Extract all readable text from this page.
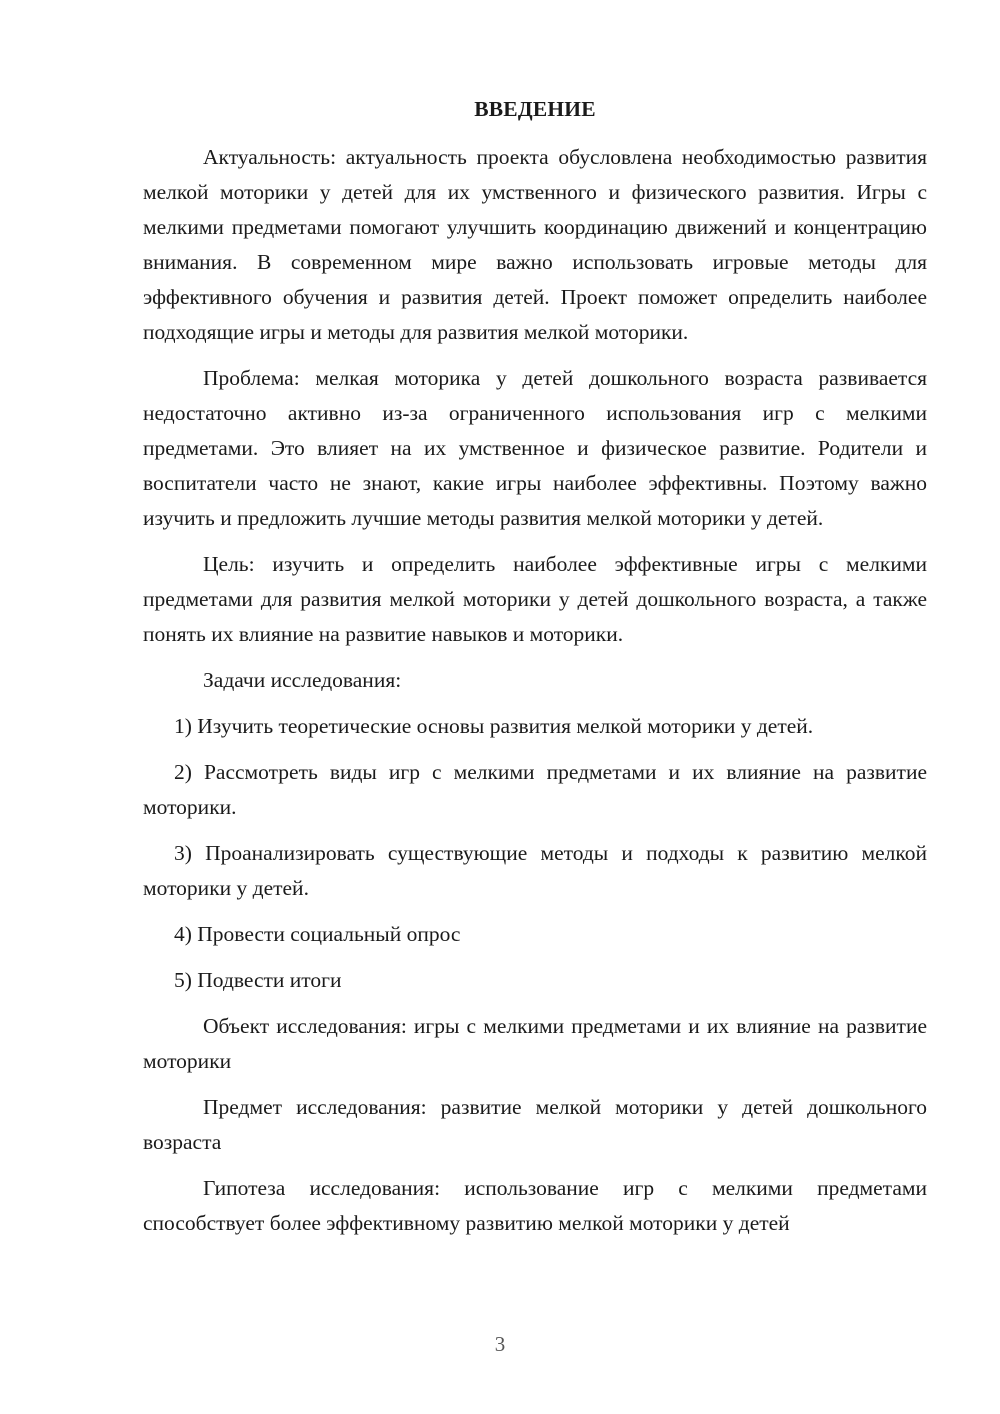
ВВЕДЕНИЕ

Актуальность: актуальность проекта обусловлена необходимостью развития мелкой моторики у детей для их умственного и физического развития. Игры с мелкими предметами помогают улучшить координацию движений и концентрацию внимания. В современном мире важно использовать игровые методы для эффективного обучения и развития детей. Проект поможет определить наиболее подходящие игры и методы для развития мелкой моторики.

Проблема: мелкая моторика у детей дошкольного возраста развивается недостаточно активно из-за ограниченного использования игр с мелкими предметами. Это влияет на их умственное и физическое развитие. Родители и воспитатели часто не знают, какие игры наиболее эффективны. Поэтому важно изучить и предложить лучшие методы развития мелкой моторики у детей.

Цель: изучить и определить наиболее эффективные игры с мелкими предметами для развития мелкой моторики у детей дошкольного возраста, а также понять их влияние на развитие навыков и моторики.

Задачи исследования:

1) Изучить теоретические основы развития мелкой моторики у детей.

2) Рассмотреть виды игр с мелкими предметами и их влияние на развитие моторики.

3) Проанализировать существующие методы и подходы к развитию мелкой моторики у детей.

4) Провести социальный опрос

5) Подвести итоги

Объект исследования: игры с мелкими предметами и их влияние на развитие моторики

Предмет исследования: развитие мелкой моторики у детей дошкольного возраста

Гипотеза исследования: использование игр с мелкими предметами способствует более эффективному развитию мелкой моторики у детей

3
